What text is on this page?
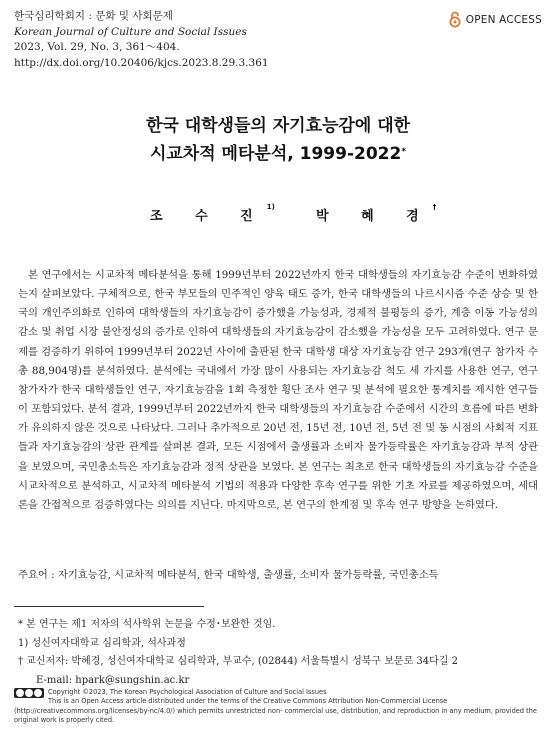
한국심리학회지 : 문화 및 사회문제
Korean Journal of Culture and Social Issues
2023, Vol. 29, No. 3, 361～404.
http://dx.doi.org/10.20406/kjcs.2023.8.29.3.361
OPEN ACCESS
한국 대학생들의 자기효능감에 대한
시교차적 메타분석, 1999-2022*
조 수 진$^{1)}$
박 혜 경†

본 연구에서는 시교차적 메타분석을 통해 1999년부터 2022년까지 한국 대학생들의 자기효능감 수준이 변화하였는지 살펴보았다. 구체적으로, 한국 부모들의 민주적인 양육 태도 증가, 한국 대학생들의 나르시시즘 수준 상승 및 한국의 개인주의화로 인하여 대학생들의 자기효능감이 증가했을 가능성과, 경제적 불평등의 증가, 계층 이동 가능성의 감소 및 취업 시장 불안정성의 증가로 인하여 대학생들의 자기효능감이 감소했을 가능성을 모두 고려하였다. 연구 문제를 검증하기 위하여 1999년부터 2022년 사이에 출판된 한국 대학생 대상 자기효능감 연구 293개(연구 참가자 수 총 88,904명)를 분석하였다. 분석에는 국내에서 가장 많이 사용되는 자기효능감 척도 세 가지를 사용한 연구, 연구 참가자가 한국 대학생들인 연구, 자기효능감을 1회 측정한 횡단 조사 연구 및 분석에 필요한 통계치를 제시한 연구들이 포함되었다. 분석 결과, 1999년부터 2022년까지 한국 대학생들의 자기효능감 수준에서 시간의 흐름에 따른 변화가 유의하지 않은 것으로 나타났다. 그러나 추가적으로 20년 전, 15년 전, 10년 전, 5년 전 및 동 시점의 사회적 지표들과 자기효능감의 상관 관계를 살펴본 결과, 모든 시점에서 출생률과 소비자 물가등락률은 자기효능감과 부적 상관을 보였으며, 국민총소득은 자기효능감과 정적 상관을 보였다. 본 연구는 최초로 한국 대학생들의 자기효능감 수준을 시교차적으로 분석하고, 시교차적 메타분석 기법의 적용과 다양한 후속 연구를 위한 기초 자료를 제공하였으며, 세대론을 간접적으로 검증하였다는 의의를 지닌다. 마지막으로, 본 연구의 한계점 및 후속 연구 방향을 논하였다.

주요어 : 자기효능감, 시교차적 메타분석, 한국 대학생, 출생률, 소비자 물가등락률, 국민총소득
* 본 연구는 제1 저자의 석사학위 논문을 수정･보완한 것임.
1) 성신여자대학교 심리학과, 석사과정
† 교신저자: 박혜경, 성신여자대학교 심리학과, 부교수, (02844) 서울특별시 성북구 보문로 34다길 2
E-mail: hpark@sungshin.ac.kr
Copyright ©2023, The Korean Psychological Association of Culture and Social Issues
This is an Open Access article distributed under the terms of the Creative Commons Attribution Non-Commercial License
(http://creativecommons.org/licenses/by-nc/4.0/) which permits unrestricted non- commercial use, distribution, and reproduction in any medium, provided the original work is properly cited.
